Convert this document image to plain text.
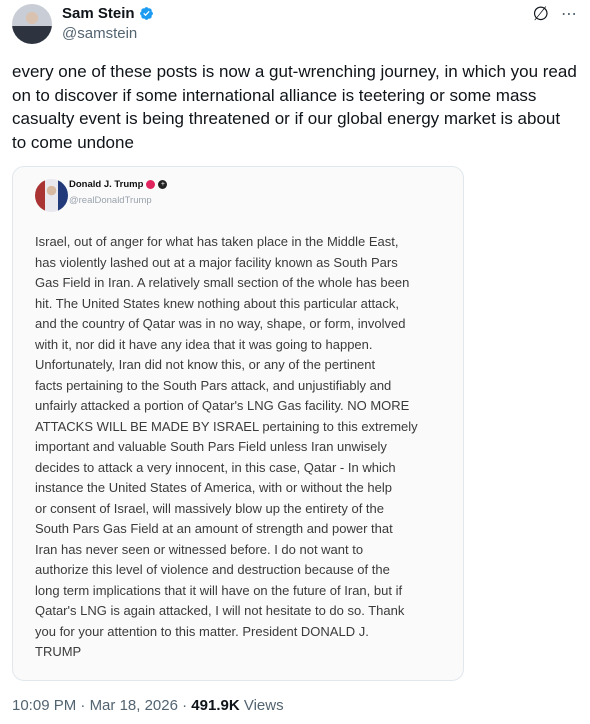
Sam Stein
@samstein
∅ ⋯
every one of these posts is now a gut-wrenching journey, in which you read on to discover if some international alliance is teetering or some mass casualty event is being threatened or if our global energy market is about to come undone
Donald J. Trump	+
@realDonaldTrump
Israel, out of anger for what has taken place in the Middle East,
has violently lashed out at a major facility known as South Pars
Gas Field in Iran. A relatively small section of the whole has been
hit. The United States knew nothing about this particular attack,
and the country of Qatar was in no way, shape, or form, involved
with it, nor did it have any idea that it was going to happen.
Unfortunately, Iran did not know this, or any of the pertinent
facts pertaining to the South Pars attack, and unjustifiably and
unfairly attacked a portion of Qatar's LNG Gas facility. NO MORE
ATTACKS WILL BE MADE BY ISRAEL pertaining to this extremely
important and valuable South Pars Field unless Iran unwisely
decides to attack a very innocent, in this case, Qatar - In which
instance the United States of America, with or without the help
or consent of Israel, will massively blow up the entirety of the
South Pars Gas Field at an amount of strength and power that
Iran has never seen or witnessed before. I do not want to
authorize this level of violence and destruction because of the
long term implications that it will have on the future of Iran, but if
Qatar's LNG is again attacked, I will not hesitate to do so. Thank
you for your attention to this matter. President DONALD J.
TRUMP
10:09 PM · Mar 18, 2026 · 491.9K Views
